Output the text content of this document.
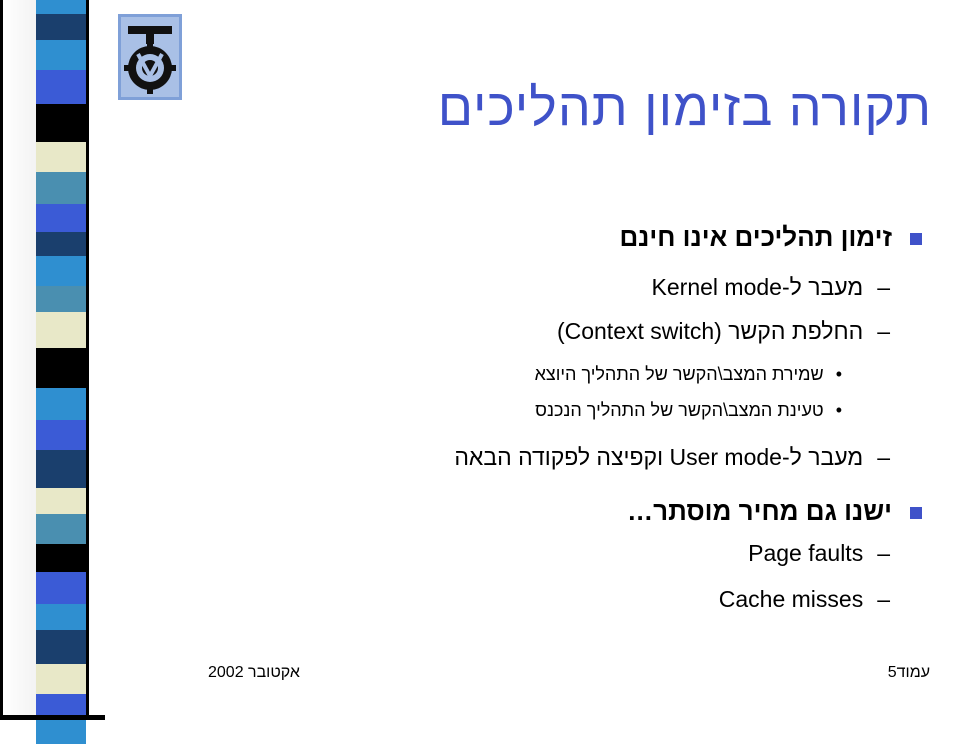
תקורה בזימון תהליכים
זימון תהליכים אינו חינם
–מעבר ל-Kernel mode
–החלפת הקשר (Context switch)
•שמירת המצב\הקשר של התהליך היוצא
•טעינת המצב\הקשר של התהליך הנכנס
–מעבר ל-User mode וקפיצה לפקודה הבאה
ישנו גם מחיר מוסתר…
–Page faults
–Cache misses
אקטובר 2002	5עמוד
